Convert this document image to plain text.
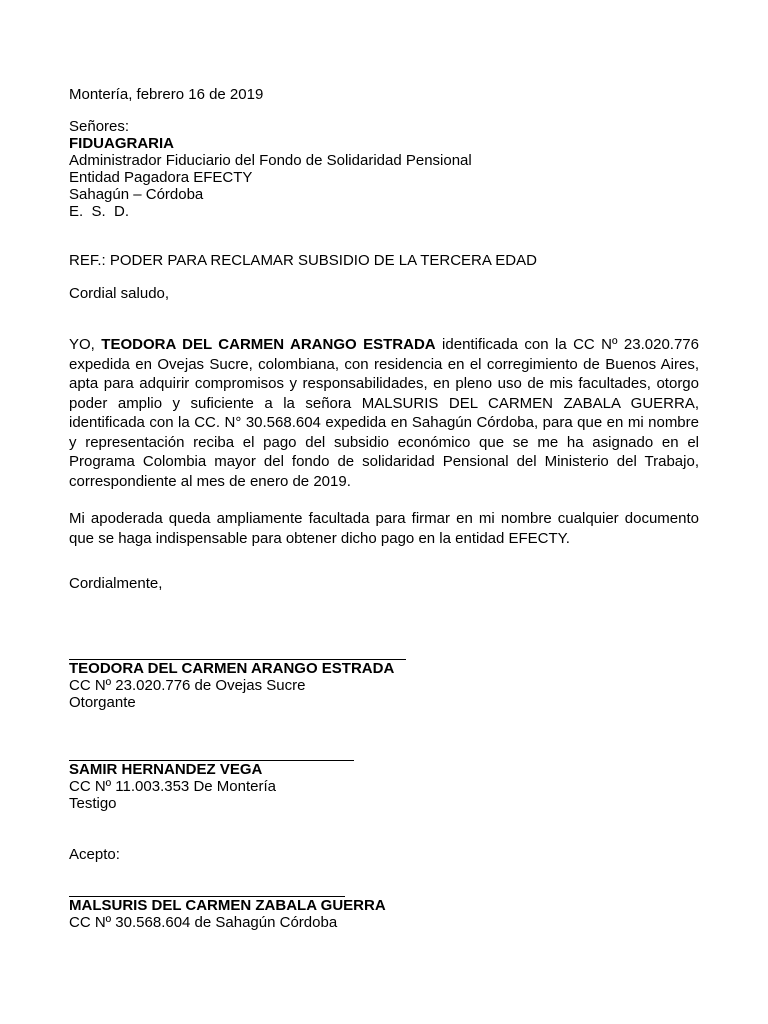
Montería, febrero 16 de 2019
Señores:
FIDUAGRARIA
Administrador Fiduciario del Fondo de Solidaridad Pensional
Entidad Pagadora EFECTY
Sahagún – Córdoba
E.  S.  D.
REF.: PODER PARA RECLAMAR SUBSIDIO DE LA TERCERA EDAD
Cordial saludo,

YO, TEODORA DEL CARMEN ARANGO ESTRADA identificada con la CC Nº 23.020.776 expedida en Ovejas Sucre, colombiana, con residencia en el corregimiento de Buenos Aires, apta para adquirir compromisos y responsabilidades, en pleno uso de mis facultades, otorgo poder amplio y suficiente a la señora MALSURIS DEL CARMEN ZABALA GUERRA, identificada con la CC. N° 30.568.604 expedida en Sahagún Córdoba, para que en mi nombre y representación reciba el pago del subsidio económico que se me ha asignado en el Programa Colombia mayor del fondo de solidaridad Pensional del Ministerio del Trabajo, correspondiente al mes de enero de 2019.

Mi apoderada queda ampliamente facultada para firmar en mi nombre cualquier documento que se haga indispensable para obtener dicho pago en la entidad EFECTY.

Cordialmente,
TEODORA DEL CARMEN ARANGO ESTRADA
CC Nº 23.020.776 de Ovejas Sucre
Otorgante
SAMIR HERNANDEZ VEGA
CC Nº 11.003.353 De Montería
Testigo
Acepto:
MALSURIS DEL CARMEN ZABALA GUERRA
CC Nº 30.568.604 de Sahagún Córdoba
